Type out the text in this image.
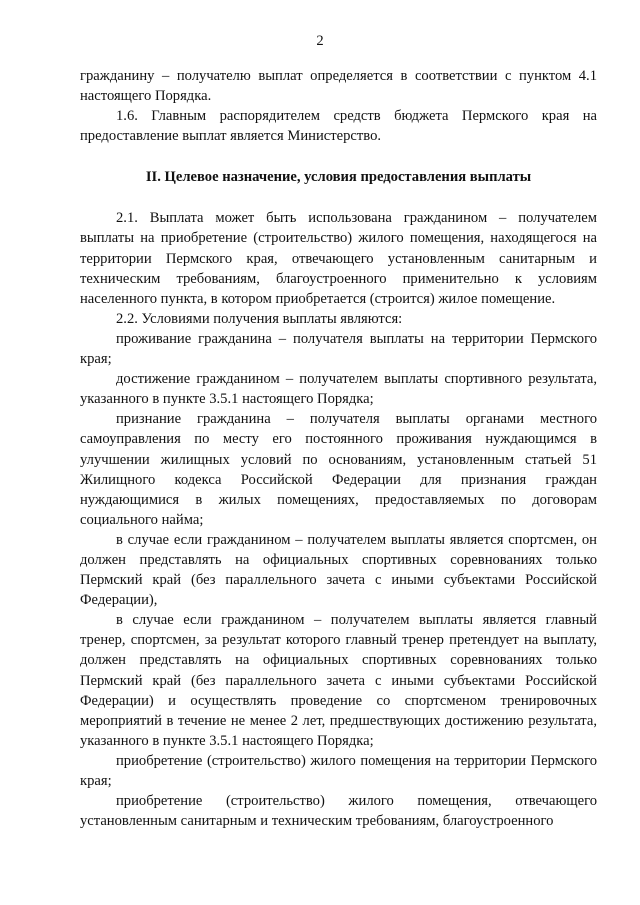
2

гражданину – получателю выплат определяется в соответствии с пунктом 4.1 настоящего Порядка.

1.6. Главным распорядителем средств бюджета Пермского края на предоставление выплат является Министерство.

II. Целевое назначение, условия предоставления выплаты

2.1. Выплата может быть использована гражданином – получателем выплаты на приобретение (строительство) жилого помещения, находящегося на территории Пермского края, отвечающего установленным санитарным и техническим требованиям, благоустроенного применительно к условиям населенного пункта, в котором приобретается (строится) жилое помещение.

2.2. Условиями получения выплаты являются:

проживание гражданина – получателя выплаты на территории Пермского края;

достижение гражданином – получателем выплаты спортивного результата, указанного в пункте 3.5.1 настоящего Порядка;

признание гражданина – получателя выплаты органами местного самоуправления по месту его постоянного проживания нуждающимся в улучшении жилищных условий по основаниям, установленным статьей 51 Жилищного кодекса Российской Федерации для признания граждан нуждающимися в жилых помещениях, предоставляемых по договорам социального найма;

в случае если гражданином – получателем выплаты является спортсмен, он должен представлять на официальных спортивных соревнованиях только Пермский край (без параллельного зачета с иными субъектами Российской Федерации),

в случае если гражданином – получателем выплаты является главный тренер, спортсмен, за результат которого главный тренер претендует на выплату, должен представлять на официальных спортивных соревнованиях только Пермский край (без параллельного зачета с иными субъектами Российской Федерации) и осуществлять проведение со спортсменом тренировочных мероприятий в течение не менее 2 лет, предшествующих достижению результата, указанного в пункте 3.5.1 настоящего Порядка;

приобретение (строительство) жилого помещения на территории Пермского края;

приобретение (строительство) жилого помещения, отвечающего установленным санитарным и техническим требованиям, благоустроенного
